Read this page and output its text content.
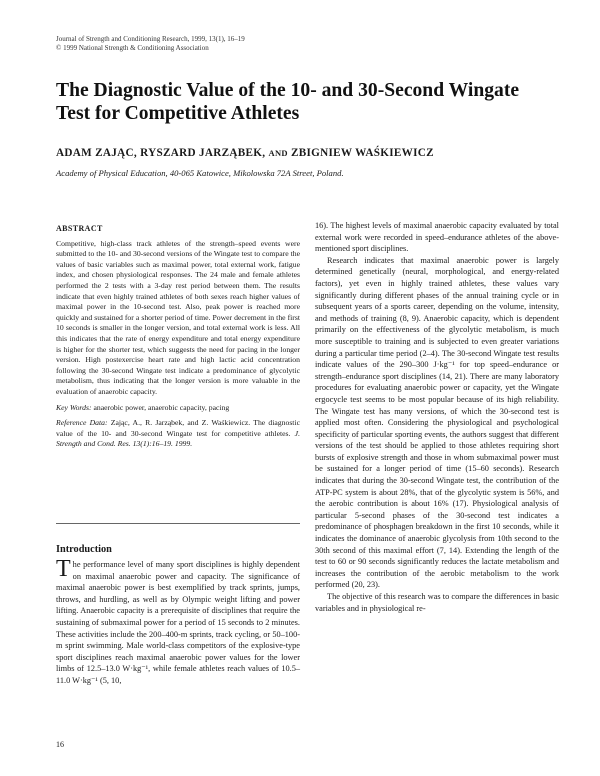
Journal of Strength and Conditioning Research, 1999, 13(1), 16–19
© 1999 National Strength & Conditioning Association
The Diagnostic Value of the 10- and 30-Second Wingate Test for Competitive Athletes
ADAM ZAJĄC, RYSZARD JARZĄBEK, AND ZBIGNIEW WAŚKIEWICZ
Academy of Physical Education, 40-065 Katowice, Mikolowska 72A Street, Poland.
ABSTRACT

Competitive, high-class track athletes of the strength–speed events were submitted to the 10- and 30-second versions of the Wingate test to compare the values of basic variables such as maximal power, total external work, fatigue index, and chosen physiological responses. The 24 male and female athletes performed the 2 tests with a 3-day rest period between them. The results indicate that even highly trained athletes of both sexes reach higher values of maximal power in the 10-second test. Also, peak power is reached more quickly and sustained for a shorter period of time. Power decrement in the first 10 seconds is smaller in the longer version, and total external work is less. All this indicates that the rate of energy expenditure and total energy expenditure is higher for the shorter test, which suggests the need for pacing in the longer version. High postexercise heart rate and high lactic acid concentration following the 30-second Wingate test indicate a predominance of glycolytic metabolism, thus indicating that the longer version is more valuable in the evaluation of anaerobic capacity.

Key Words: anaerobic power, anaerobic capacity, pacing

Reference Data: Zając, A., R. Jarząbek, and Z. Waśkiewicz. The diagnostic value of the 10- and 30-second Wingate test for competitive athletes. J. Strength and Cond. Res. 13(1):16–19. 1999.

Introduction

The performance level of many sport disciplines is highly dependent on maximal anaerobic power and capacity. The significance of maximal anaerobic power is best exemplified by track sprints, jumps, throws, and hurdling, as well as by Olympic weight lifting and power lifting. Anaerobic capacity is a prerequisite of disciplines that require the sustaining of submaximal power for a period of 15 seconds to 2 minutes. These activities include the 200–400-m sprints, track cycling, or 50–100-m sprint swimming. Male world-class competitors of the explosive-type sport disciplines reach maximal anaerobic power values for the lower limbs of 12.5–13.0 W·kg⁻¹, while female athletes reach values of 10.5–11.0 W·kg⁻¹ (5, 10,

16). The highest levels of maximal anaerobic capacity evaluated by total external work were recorded in speed–endurance athletes of the above-mentioned sport disciplines.

Research indicates that maximal anaerobic power is largely determined genetically (neural, morphological, and energy-related factors), yet even in highly trained athletes, these values vary significantly during different phases of the annual training cycle or in subsequent years of a sports career, depending on the volume, intensity, and methods of training (8, 9). Anaerobic capacity, which is dependent primarily on the effectiveness of the glycolytic metabolism, is much more susceptible to training and is subjected to even greater variations during a particular time period (2–4). The 30-second Wingate test results indicate values of the 290–300 J·kg⁻¹ for top speed–endurance or strength–endurance sport disciplines (14, 21). There are many laboratory procedures for evaluating anaerobic power or capacity, yet the Wingate ergocycle test seems to be most popular because of its high reliability. The Wingate test has many versions, of which the 30-second test is applied most often. Considering the physiological and psychological specificity of particular sporting events, the authors suggest that different versions of the test should be applied to those athletes requiring short bursts of explosive strength and those in whom submaximal power must be sustained for a longer period of time (15–60 seconds). Research indicates that during the 30-second Wingate test, the contribution of the ATP-PC system is about 28%, that of the glycolytic system is 56%, and the aerobic contribution is about 16% (17). Physiological analysis of particular 5-second phases of the 30-second test indicates a predominance of phosphagen breakdown in the first 10 seconds, while it indicates the dominance of anaerobic glycolysis from 10th second to the 30th second of this maximal effort (7, 14). Extending the length of the test to 60 or 90 seconds significantly reduces the lactate metabolism and increases the contribution of the aerobic metabolism to the work performed (20, 23).

The objective of this research was to compare the differences in basic variables and in physiological re-

16
